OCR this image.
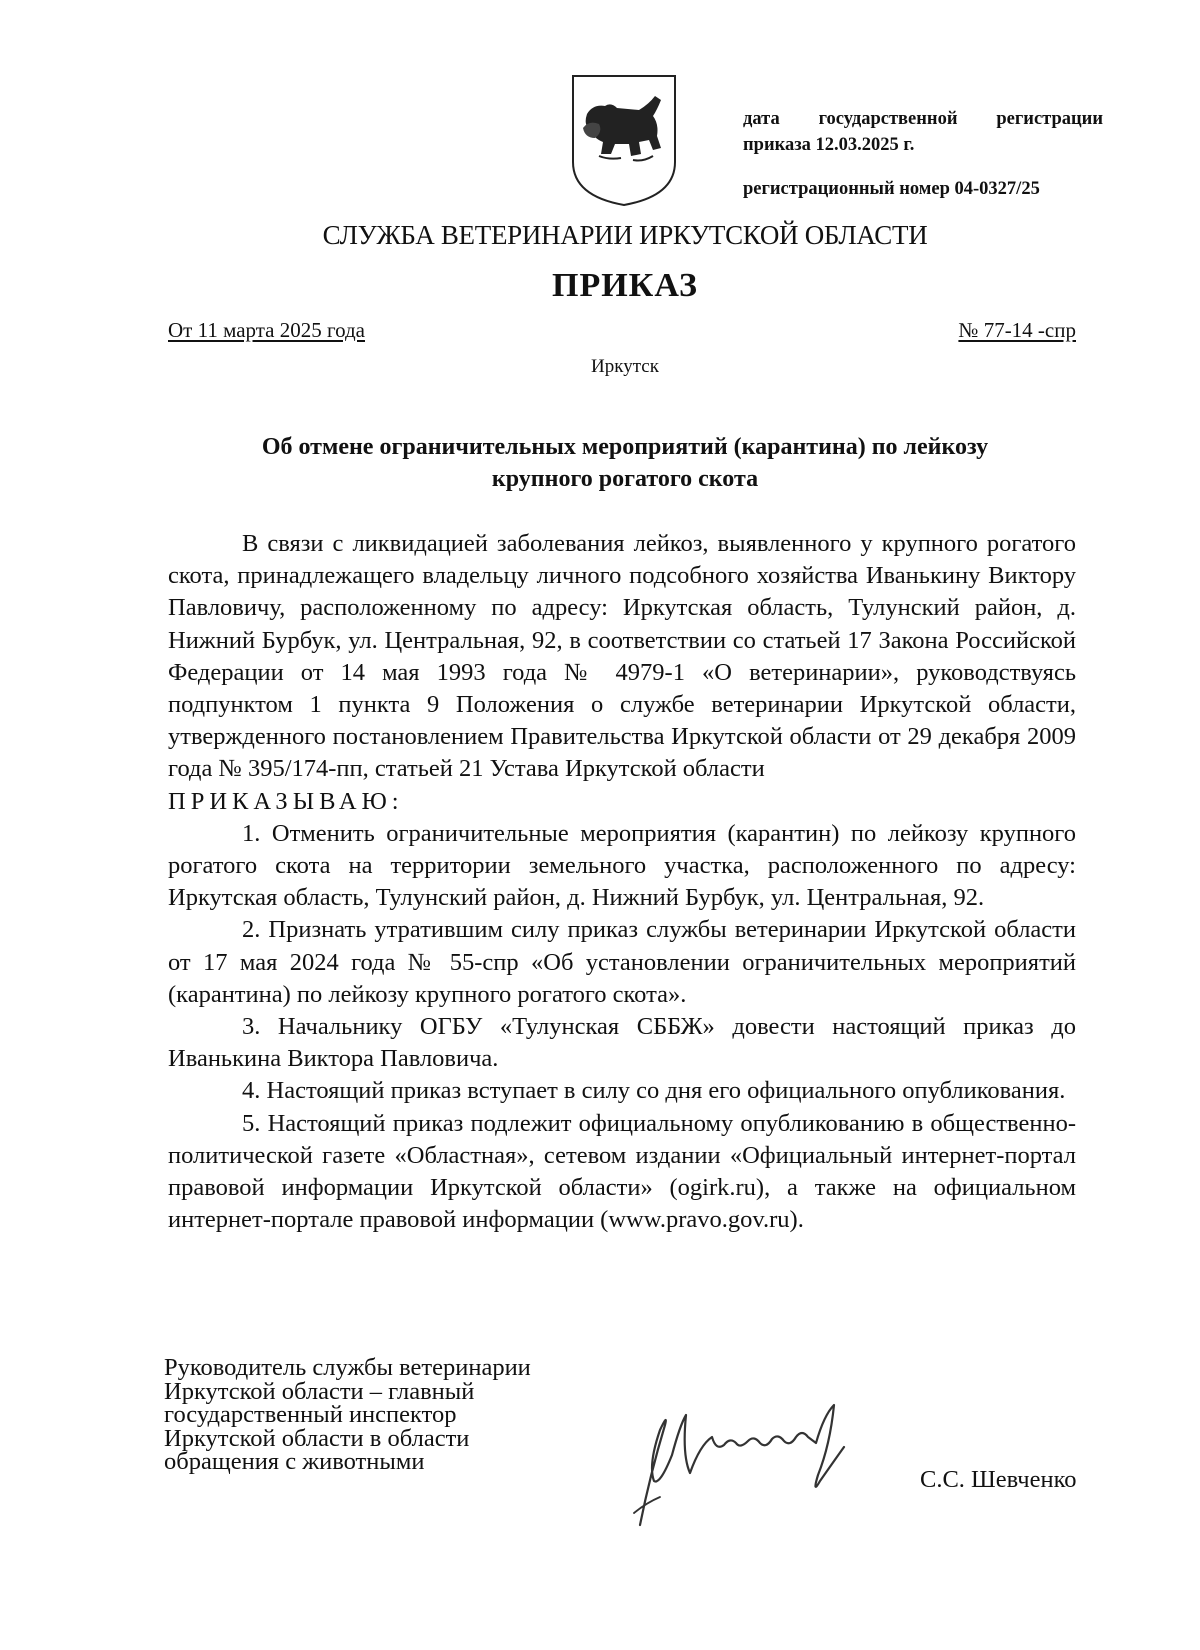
дата государственной регистрации
приказа 12.03.2025 г.
регистрационный номер 04-0327/25
СЛУЖБА ВЕТЕРИНАРИИ ИРКУТСКОЙ ОБЛАСТИ
ПРИКАЗ
От 11 марта 2025 года	№ 77-14 -спр
Иркутск
Об отмене ограничительных мероприятий (карантина) по лейкозу
крупного рогатого скота

В связи с ликвидацией заболевания лейкоз, выявленного у крупного рогатого скота, принадлежащего владельцу личного подсобного хозяйства Иванькину Виктору Павловичу, расположенному по адресу: Иркутская область, Тулунский район, д. Нижний Бурбук, ул. Центральная, 92, в соответствии со статьей 17 Закона Российской Федерации от 14 мая 1993 года № 4979-1 «О ветеринарии», руководствуясь подпунктом 1 пункта 9 Положения о службе ветеринарии Иркутской области, утвержденного постановлением Правительства Иркутской области от 29 декабря 2009 года № 395/174-пп, статьей 21 Устава Иркутской области

ПРИКАЗЫВАЮ:

1. Отменить ограничительные мероприятия (карантин) по лейкозу крупного рогатого скота на территории земельного участка, расположенного по адресу: Иркутская область, Тулунский район, д. Нижний Бурбук, ул. Центральная, 92.

2. Признать утратившим силу приказ службы ветеринарии Иркутской области от 17 мая 2024 года № 55-спр «Об установлении ограничительных мероприятий (карантина) по лейкозу крупного рогатого скота».

3. Начальнику ОГБУ «Тулунская СББЖ» довести настоящий приказ до Иванькина Виктора Павловича.

4. Настоящий приказ вступает в силу со дня его официального опубликования.

5. Настоящий приказ подлежит официальному опубликованию в общественно-политической газете «Областная», сетевом издании «Официальный интернет-портал правовой информации Иркутской области» (ogirk.ru), а также на официальном интернет-портале правовой информации (www.pravo.gov.ru).

Руководитель службы ветеринарии
Иркутской области – главный
государственный инспектор
Иркутской области в области
обращения с животными
С.С. Шевченко
